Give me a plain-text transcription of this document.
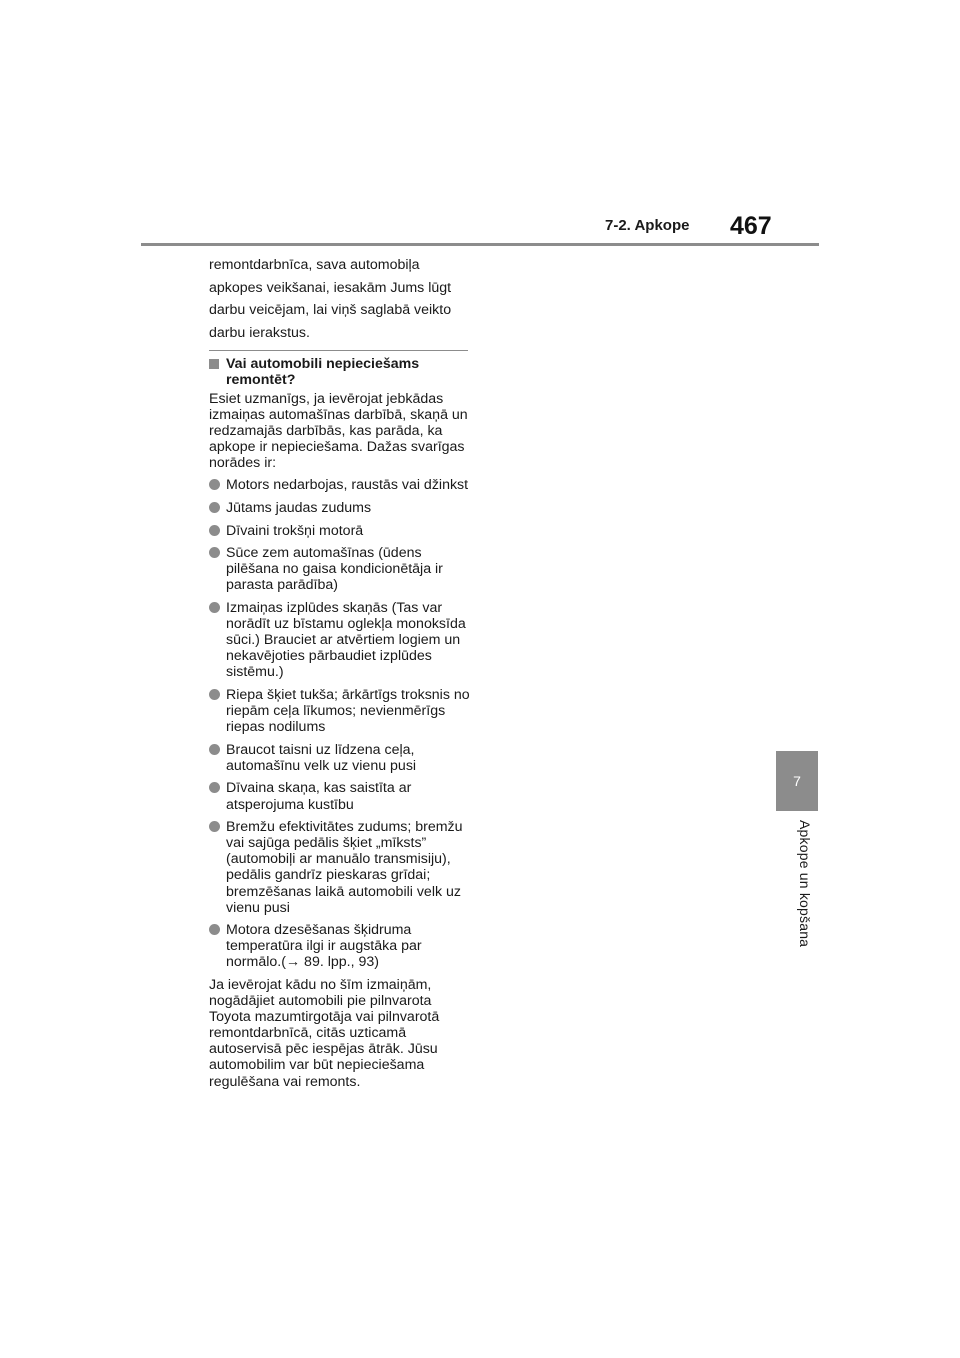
7-2. Apkope 467
7
Apkope un kopšana

remontdarbnīca, sava automobiļa

apkopes veikšanai, iesakām Jums lūgt

darbu veicējam, lai viņš saglabā veikto

darbu ierakstus.

Vai automobili nepieciešams remontēt?

Esiet uzmanīgs, ja ievērojat jebkādas izmaiņas automašīnas darbībā, skaņā un redzamajās darbībās, kas parāda, ka apkope ir nepieciešama. Dažas svarīgas norādes ir:

Motors nedarbojas, raustās vai džinkst
Jūtams jaudas zudums
Dīvaini trokšņi motorā
Sūce zem automašīnas (ūdens pilēšana no gaisa kondicionētāja ir parasta parādība)
Izmaiņas izplūdes skaņās (Tas var norādīt uz bīstamu oglekļa monoksīda sūci.) Brauciet ar atvērtiem logiem un nekavējoties pārbaudiet izplūdes sistēmu.)
Riepa šķiet tukša; ārkārtīgs troksnis no riepām ceļa līkumos; nevienmērīgs riepas nodilums
Braucot taisni uz līdzena ceļa, automašīnu velk uz vienu pusi
Dīvaina skaņa, kas saistīta ar atsperojuma kustību
Bremžu efektivitātes zudums; bremžu vai sajūga pedālis šķiet „mīksts” (automobiļi ar manuālo transmisiju), pedālis gandrīz pieskaras grīdai; bremzēšanas laikā automobili velk uz vienu pusi
Motora dzesēšanas šķidruma temperatūra ilgi ir augstāka par normālo.(→ 89. lpp., 93)

Ja ievērojat kādu no šīm izmaiņām, nogādājiet automobili pie pilnvarota Toyota mazumtirgotāja vai pilnvarotā remontdarbnīcā, citās uzticamā autoservisā pēc iespējas ātrāk. Jūsu automobilim var būt nepieciešama regulēšana vai remonts.
